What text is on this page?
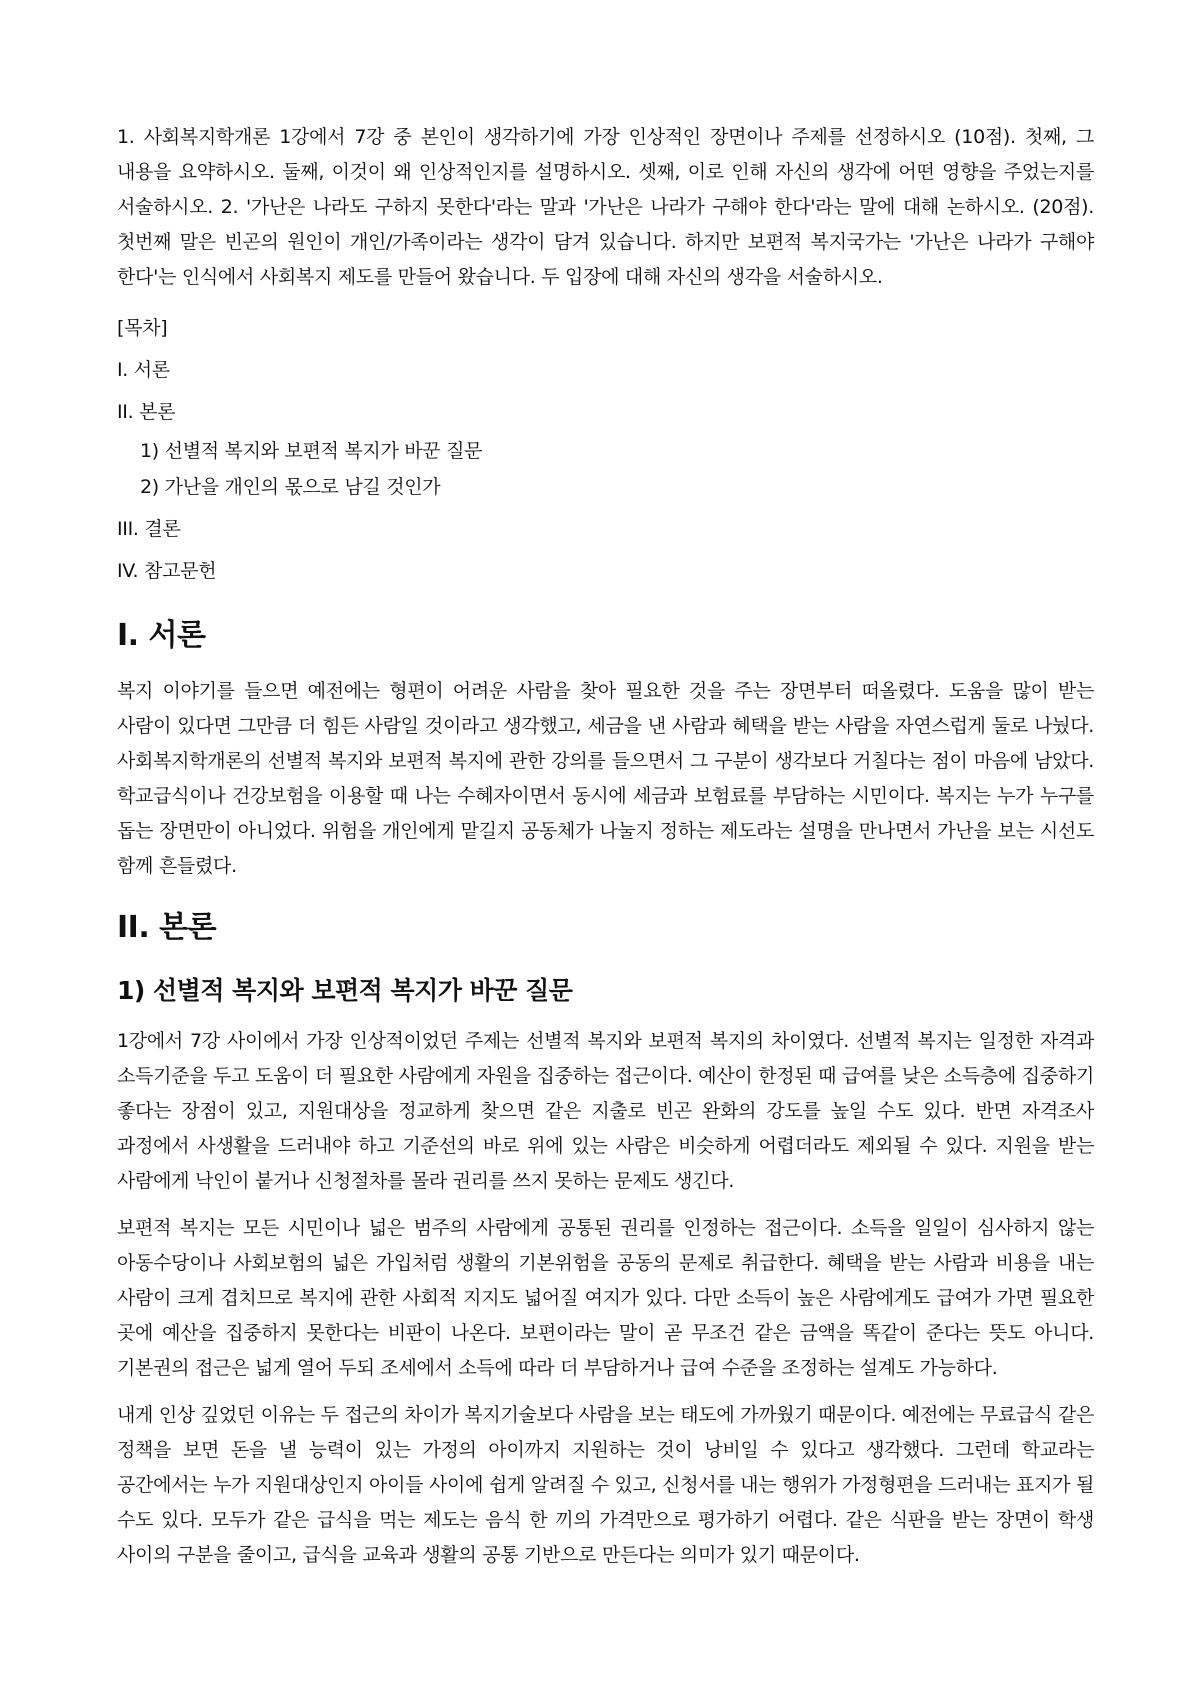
1. 사회복지학개론 1강에서 7강 중 본인이 생각하기에 가장 인상적인 장면이나 주제를 선정하시오 (10점). 첫째, 그 내용을 요약하시오. 둘째, 이것이 왜 인상적인지를 설명하시오. 셋째, 이로 인해 자신의 생각에 어떤 영향을 주었는지를 서술하시오. 2. '가난은 나라도 구하지 못한다'라는 말과 '가난은 나라가 구해야 한다'라는 말에 대해 논하시오. (20점). 첫번째 말은 빈곤의 원인이 개인/가족이라는 생각이 담겨 있습니다. 하지만 보편적 복지국가는 '가난은 나라가 구해야 한다'는 인식에서 사회복지 제도를 만들어 왔습니다. 두 입장에 대해 자신의 생각을 서술하시오.

[목차]
I. 서론
II. 본론
1) 선별적 복지와 보편적 복지가 바꾼 질문
2) 가난을 개인의 몫으로 남길 것인가
III. 결론
IV. 참고문헌
I. 서론

복지 이야기를 들으면 예전에는 형편이 어려운 사람을 찾아 필요한 것을 주는 장면부터 떠올렸다. 도움을 많이 받는 사람이 있다면 그만큼 더 힘든 사람일 것이라고 생각했고, 세금을 낸 사람과 혜택을 받는 사람을 자연스럽게 둘로 나눴다. 사회복지학개론의 선별적 복지와 보편적 복지에 관한 강의를 들으면서 그 구분이 생각보다 거칠다는 점이 마음에 남았다. 학교급식이나 건강보험을 이용할 때 나는 수혜자이면서 동시에 세금과 보험료를 부담하는 시민이다. 복지는 누가 누구를 돕는 장면만이 아니었다. 위험을 개인에게 맡길지 공동체가 나눌지 정하는 제도라는 설명을 만나면서 가난을 보는 시선도 함께 흔들렸다.

II. 본론
1) 선별적 복지와 보편적 복지가 바꾼 질문

1강에서 7강 사이에서 가장 인상적이었던 주제는 선별적 복지와 보편적 복지의 차이였다. 선별적 복지는 일정한 자격과 소득기준을 두고 도움이 더 필요한 사람에게 자원을 집중하는 접근이다. 예산이 한정된 때 급여를 낮은 소득층에 집중하기 좋다는 장점이 있고, 지원대상을 정교하게 찾으면 같은 지출로 빈곤 완화의 강도를 높일 수도 있다. 반면 자격조사 과정에서 사생활을 드러내야 하고 기준선의 바로 위에 있는 사람은 비슷하게 어렵더라도 제외될 수 있다. 지원을 받는 사람에게 낙인이 붙거나 신청절차를 몰라 권리를 쓰지 못하는 문제도 생긴다.

보편적 복지는 모든 시민이나 넓은 범주의 사람에게 공통된 권리를 인정하는 접근이다. 소득을 일일이 심사하지 않는 아동수당이나 사회보험의 넓은 가입처럼 생활의 기본위험을 공동의 문제로 취급한다. 혜택을 받는 사람과 비용을 내는 사람이 크게 겹치므로 복지에 관한 사회적 지지도 넓어질 여지가 있다. 다만 소득이 높은 사람에게도 급여가 가면 필요한 곳에 예산을 집중하지 못한다는 비판이 나온다. 보편이라는 말이 곧 무조건 같은 금액을 똑같이 준다는 뜻도 아니다. 기본권의 접근은 넓게 열어 두되 조세에서 소득에 따라 더 부담하거나 급여 수준을 조정하는 설계도 가능하다.

내게 인상 깊었던 이유는 두 접근의 차이가 복지기술보다 사람을 보는 태도에 가까웠기 때문이다. 예전에는 무료급식 같은 정책을 보면 돈을 낼 능력이 있는 가정의 아이까지 지원하는 것이 낭비일 수 있다고 생각했다. 그런데 학교라는 공간에서는 누가 지원대상인지 아이들 사이에 쉽게 알려질 수 있고, 신청서를 내는 행위가 가정형편을 드러내는 표지가 될 수도 있다. 모두가 같은 급식을 먹는 제도는 음식 한 끼의 가격만으로 평가하기 어렵다. 같은 식판을 받는 장면이 학생 사이의 구분을 줄이고, 급식을 교육과 생활의 공통 기반으로 만든다는 의미가 있기 때문이다.
